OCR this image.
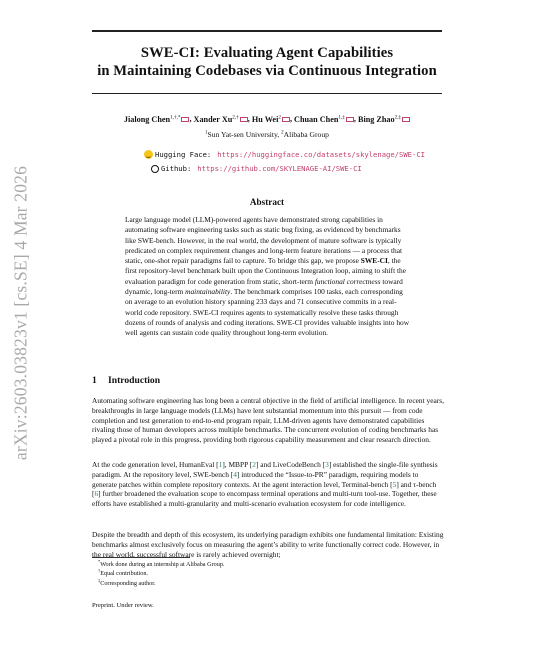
arXiv:2603.03823v1 [cs.SE] 4 Mar 2026
SWE-CI: Evaluating Agent Capabilities
in Maintaining Codebases via Continuous Integration
Jialong Chen$^{1,\dagger,*}$ , Xander $Xu^{2,\dagger}$ , Hu Wei$^2$ , Chuan Chen$^{1,\ddagger}$ , Bing Zhao$^{2,\ddagger}$
$^1$Sun Yat-sen University, $^2$Alibaba Group
Hugging Face: https://huggingface.co/datasets/skylenage/SWE-CI
Github: https://github.com/SKYLENAGE-AI/SWE-CI
Abstract
Large language model (LLM)-powered agents have demonstrated strong capabilities in automating software engineering tasks such as static bug fixing, as evidenced by benchmarks like SWE-bench. However, in the real world, the development of mature software is typically predicated on complex requirement changes and long-term feature iterations — a process that static, one-shot repair paradigms fail to capture. To bridge this gap, we propose SWE-CI, the first repository-level benchmark built upon the Continuous Integration loop, aiming to shift the evaluation paradigm for code generation from static, short-term functional correctness toward dynamic, long-term maintainability. The benchmark comprises 100 tasks, each corresponding on average to an evolution history spanning 233 days and 71 consecutive commits in a real-world code repository. SWE-CI requires agents to systematically resolve these tasks through dozens of rounds of analysis and coding iterations. SWE-CI provides valuable insights into how well agents can sustain code quality throughout long-term evolution.
1 Introduction
Automating software engineering has long been a central objective in the field of artificial intelligence. In recent years, breakthroughs in large language models (LLMs) have lent substantial momentum into this pursuit — from code completion and test generation to end-to-end program repair, LLM-driven agents have demonstrated capabilities rivaling those of human developers across multiple benchmarks. The concurrent evolution of coding benchmarks has played a pivotal role in this progress, providing both rigorous capability measurement and clear research direction.
At the code generation level, HumanEval [1], MBPP [2] and LiveCodeBench [3] established the single-file synthesis paradigm. At the repository level, SWE-bench [4] introduced the “Issue-to-PR” paradigm, requiring models to generate patches within complete repository contexts. At the agent interaction level, Terminal-bench [5] and τ-bench [6] further broadened the evaluation scope to encompass terminal operations and multi-turn tool-use. Together, these efforts have established a multi-granularity and multi-scenario evaluation ecosystem for code intelligence.
Despite the breadth and depth of this ecosystem, its underlying paradigm exhibits one fundamental limitation: Existing benchmarks almost exclusively focus on measuring the agent’s ability to write functionally correct code. However, in the real world, successful software is rarely achieved overnight;
*Work done during an internship at Alibaba Group.
†Equal contribution.
‡Corresponding author.
Preprint. Under review.
